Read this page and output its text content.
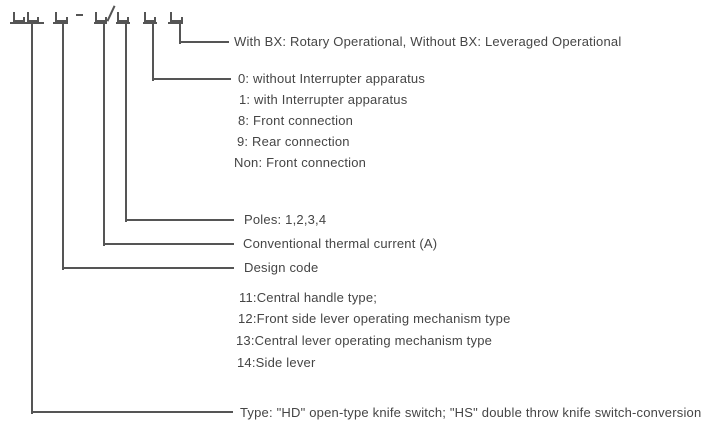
With BX: Rotary Operational, Without BX: Leveraged Operational
0: without Interrupter apparatus
1: with Interrupter apparatus
8: Front connection
9: Rear connection
Non: Front connection
Poles: 1,2,3,4
Conventional thermal current (A)
Design code
11:Central handle type;
12:Front side lever operating mechanism type
13:Central lever operating mechanism type
14:Side lever
Type: "HD" open-type knife switch; "HS" double throw knife switch-conversion
